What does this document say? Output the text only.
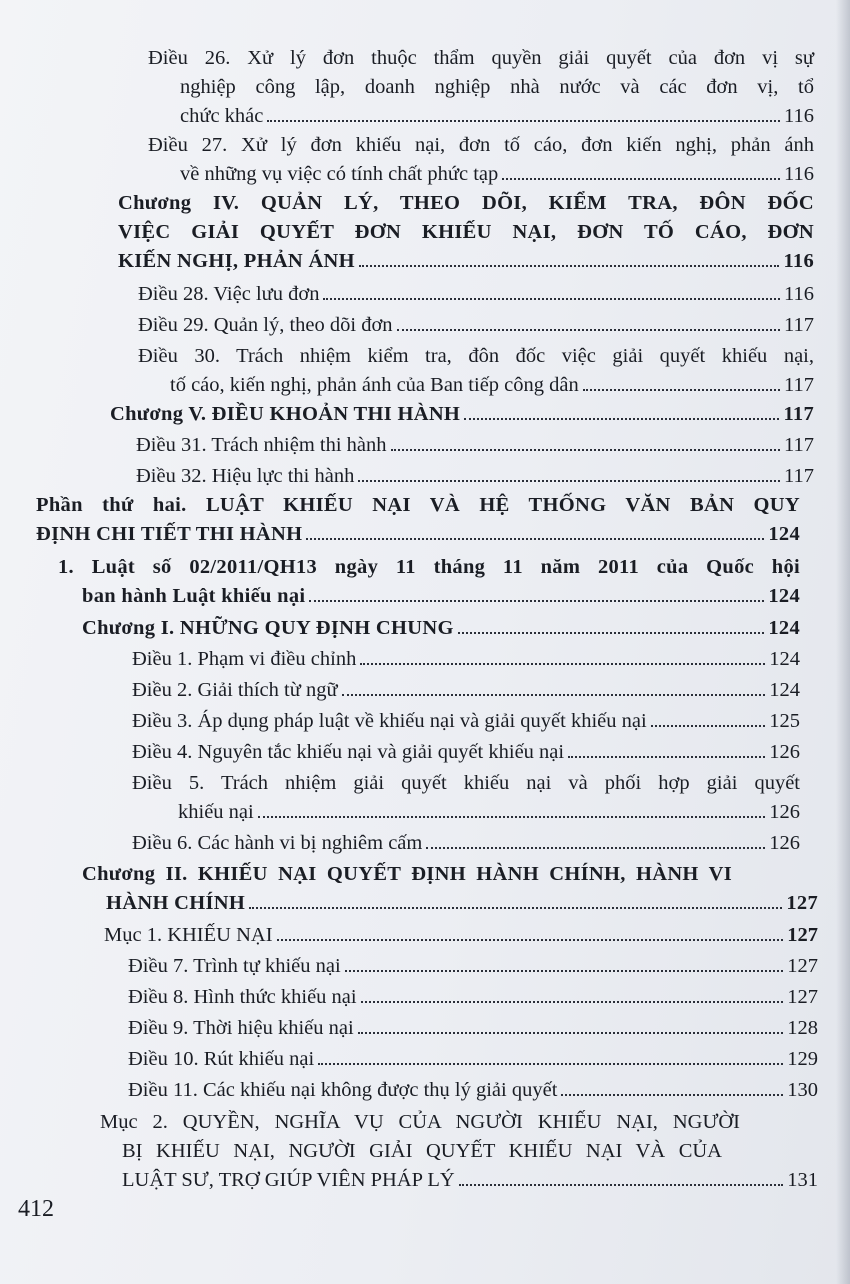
Điều 26. Xử lý đơn thuộc thẩm quyền giải quyết của đơn vị sự
nghiệp công lập, doanh nghiệp nhà nước và các đơn vị, tổ
chức khác	116
Điều 27. Xử lý đơn khiếu nại, đơn tố cáo, đơn kiến nghị, phản ánh
về những vụ việc có tính chất phức tạp	116
Chương IV. QUẢN LÝ, THEO DÕI, KIỂM TRA, ĐÔN ĐỐC
VIỆC GIẢI QUYẾT ĐƠN KHIẾU NẠI, ĐƠN TỐ CÁO, ĐƠN
KIẾN NGHỊ, PHẢN ÁNH	116
Điều 28. Việc lưu đơn	116
Điều 29. Quản lý, theo dõi đơn	117
Điều 30. Trách nhiệm kiểm tra, đôn đốc việc giải quyết khiếu nại,
tố cáo, kiến nghị, phản ánh của Ban tiếp công dân	117
Chương V. ĐIỀU KHOẢN THI HÀNH	117
Điều 31. Trách nhiệm thi hành	117
Điều 32. Hiệu lực thi hành	117
Phần thứ hai. LUẬT KHIẾU NẠI VÀ HỆ THỐNG VĂN BẢN QUY
ĐỊNH CHI TIẾT THI HÀNH	124
1. Luật số 02/2011/QH13 ngày 11 tháng 11 năm 2011 của Quốc hội
ban hành Luật khiếu nại	124
Chương I. NHỮNG QUY ĐỊNH CHUNG	124
Điều 1. Phạm vi điều chỉnh	124
Điều 2. Giải thích từ ngữ	124
Điều 3. Áp dụng pháp luật về khiếu nại và giải quyết khiếu nại	125
Điều 4. Nguyên tắc khiếu nại và giải quyết khiếu nại	126
Điều 5. Trách nhiệm giải quyết khiếu nại và phối hợp giải quyết
khiếu nại	126
Điều 6. Các hành vi bị nghiêm cấm	126
Chương II. KHIẾU NẠI QUYẾT ĐỊNH HÀNH CHÍNH, HÀNH VI
HÀNH CHÍNH	127
Mục 1. KHIẾU NẠI	127
Điều 7. Trình tự khiếu nại	127
Điều 8. Hình thức khiếu nại	127
Điều 9. Thời hiệu khiếu nại	128
Điều 10. Rút khiếu nại	129
Điều 11. Các khiếu nại không được thụ lý giải quyết	130
Mục 2. QUYỀN, NGHĨA VỤ CỦA NGƯỜI KHIẾU NẠI, NGƯỜI
BỊ KHIẾU NẠI, NGƯỜI GIẢI QUYẾT KHIẾU NẠI VÀ CỦA
LUẬT SƯ, TRỢ GIÚP VIÊN PHÁP LÝ	131
412
